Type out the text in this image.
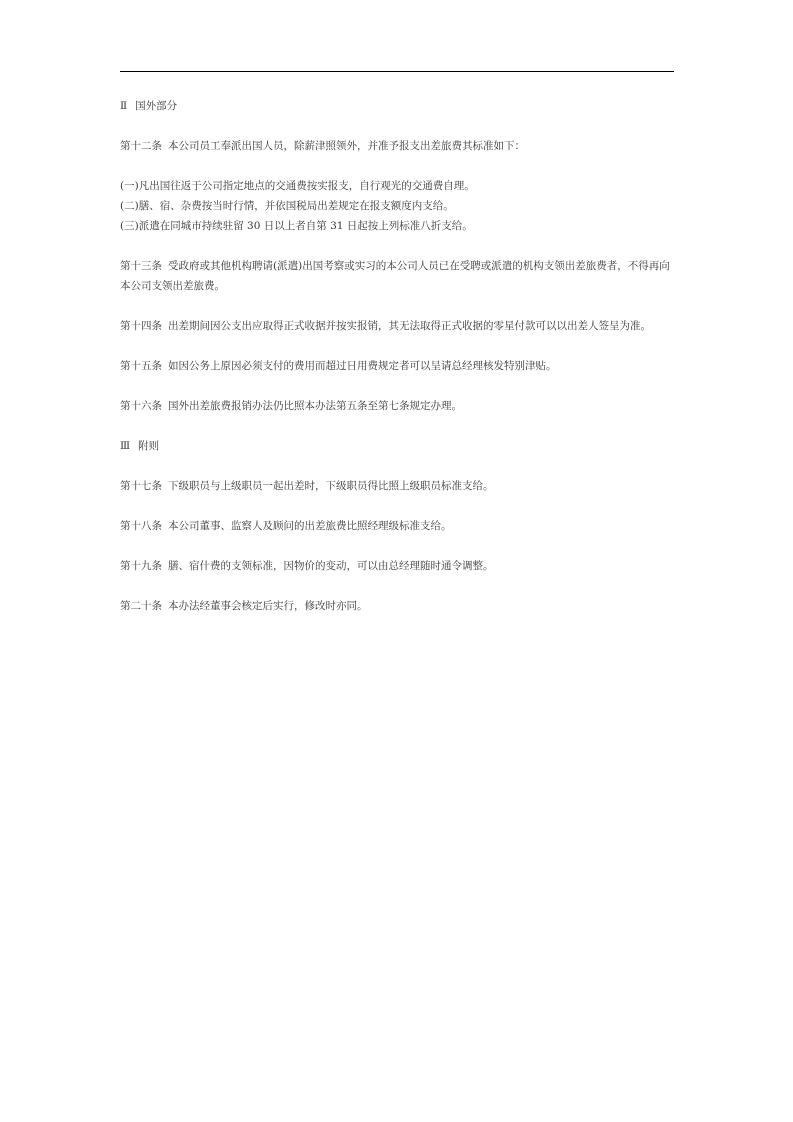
Ⅱ 国外部分

第十二条 本公司员工奉派出国人员，除薪津照领外，并准予报支出差旅费其标准如下：

(一)凡出国往返于公司指定地点的交通费按实报支，自行观光的交通费自理。

(二)膳、宿、杂费按当时行情，并依国税局出差规定在报支额度内支给。

(三)派遣在同城市持续驻留 30 日以上者自第 31 日起按上列标准八折支给。

第十三条 受政府或其他机构聘请(派遣)出国考察或实习的本公司人员已在受聘或派遣的机构支领出差旅费者，不得再向本公司支领出差旅费。

第十四条 出差期间因公支出应取得正式收据并按实报销，其无法取得正式收据的零星付款可以以出差人签呈为准。

第十五条 如因公务上原因必须支付的费用而超过日用费规定者可以呈请总经理核发特别津贴。

第十六条 国外出差旅费报销办法仍比照本办法第五条至第七条规定办理。

Ⅲ 附则

第十七条 下级职员与上级职员一起出差时，下级职员得比照上级职员标准支给。

第十八条 本公司董事、监察人及顾问的出差旅费比照经理级标准支给。

第十九条 膳、宿什费的支领标准，因物价的变动，可以由总经理随时通令调整。

第二十条 本办法经董事会核定后实行，修改时亦同。
